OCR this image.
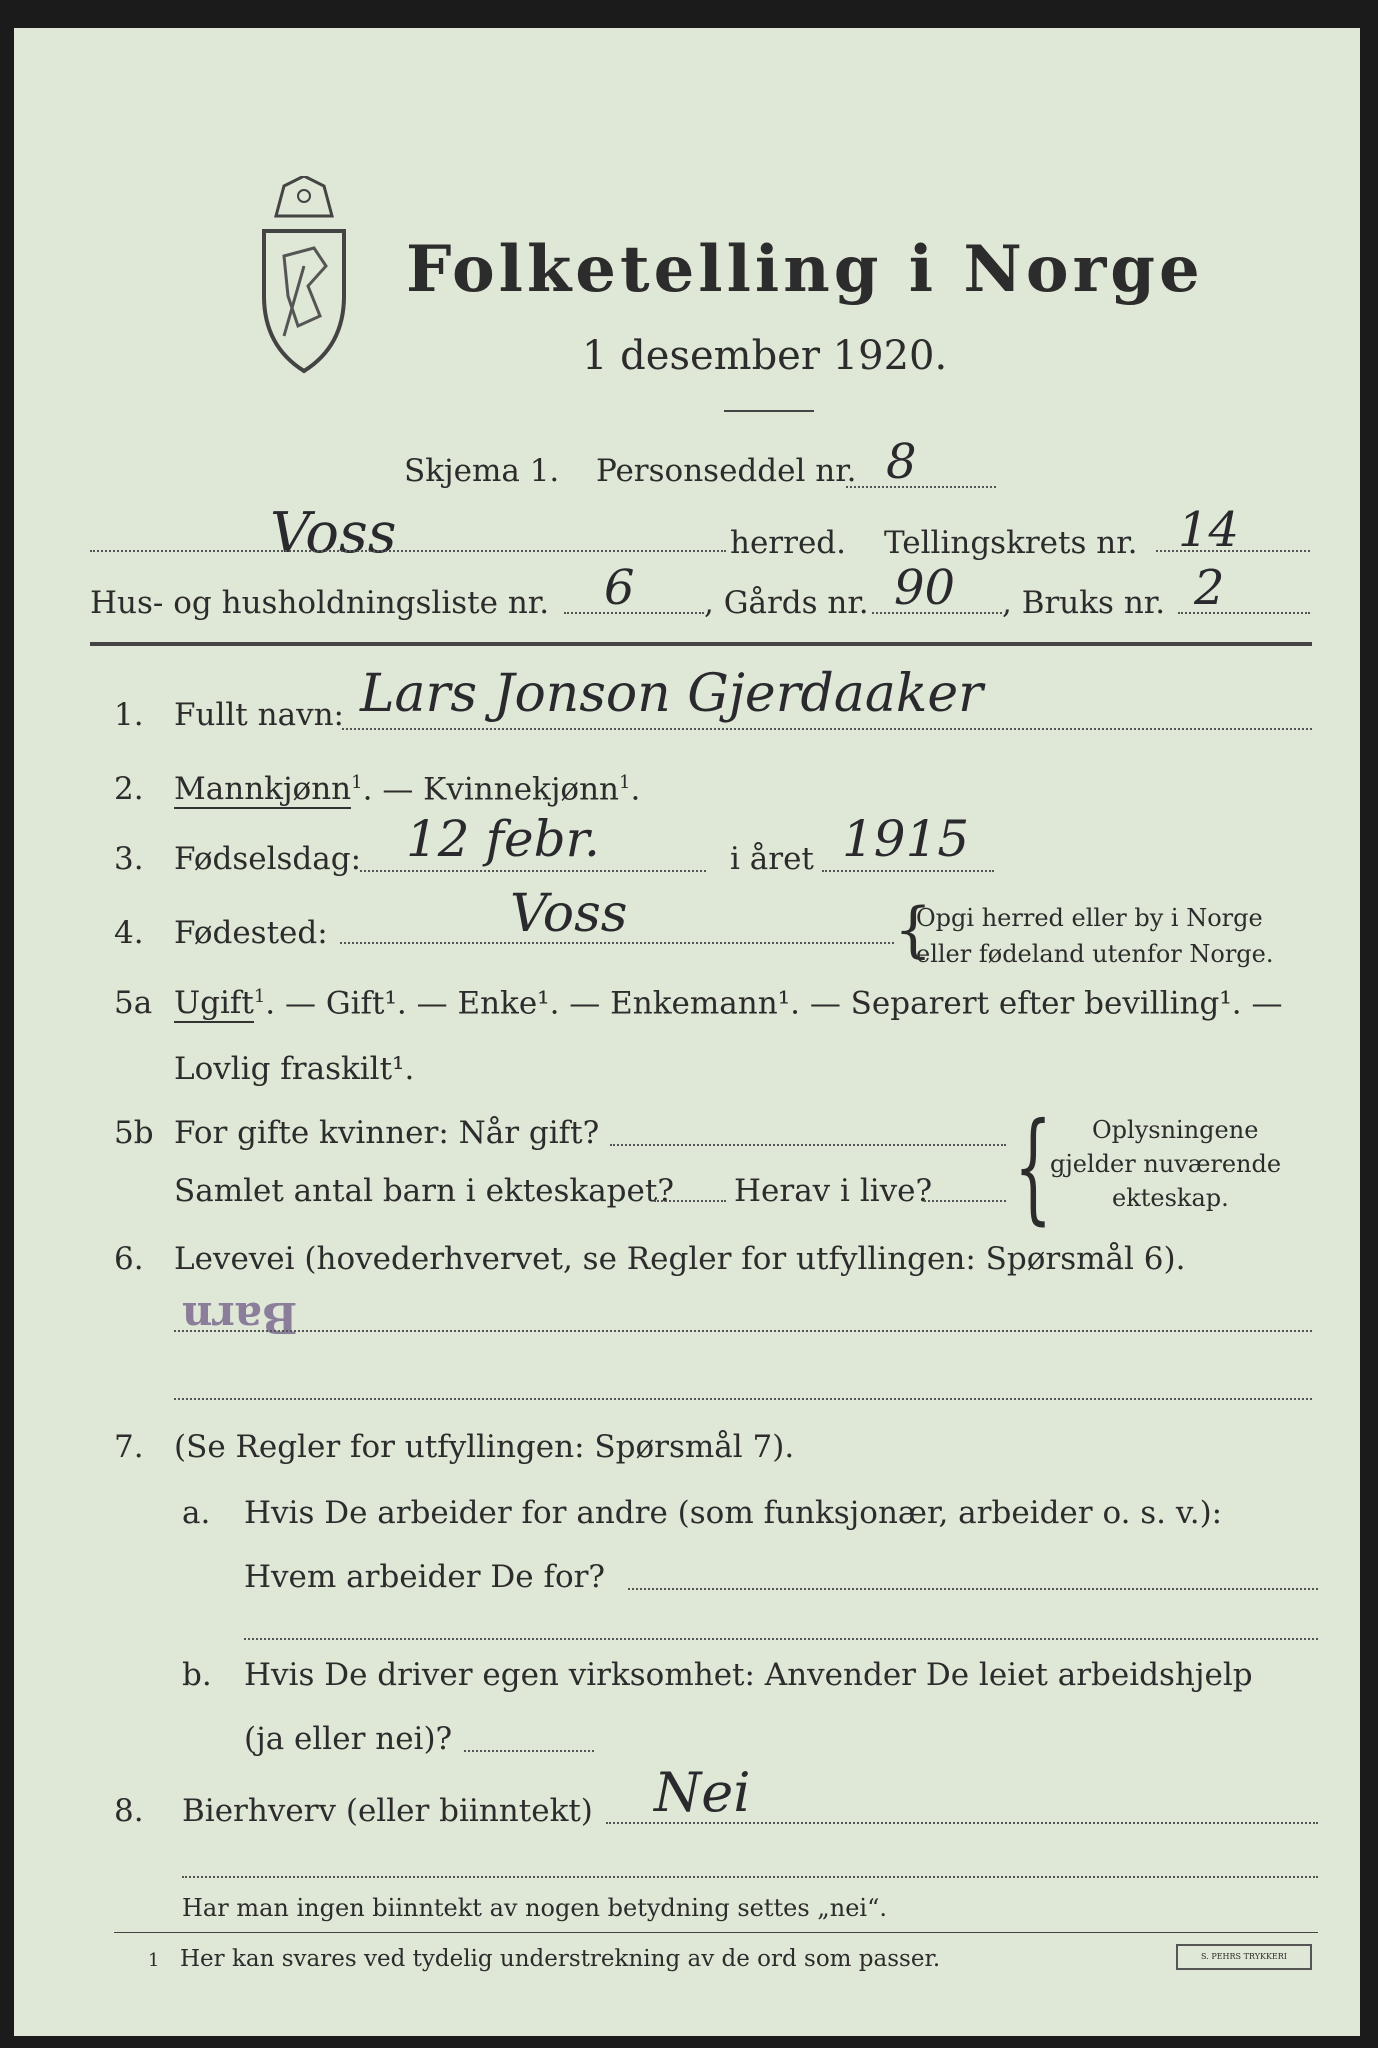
Folketelling i Norge
1 desember 1920.
Skjema 1. Personseddel nr. 8
Voss	herred. Tellingskrets nr. 14
Hus- og husholdningsliste nr. 6 , Gårds nr. 90 , Bruks nr. 2
1. Fullt navn: Lars Jonson Gjerdaaker
2. Mannkjønn$^1$. — Kvinnekjønn$^1$.
3. Fødselsdag: 12 febr.	i året 1915
4. Fødested:	Voss	{
Opgi herred eller by i Norge
eller fødeland utenfor Norge.
5a Ugift$^1$. — Gift¹. — Enke¹. — Enkemann¹. — Separert efter bevilling¹. —
Lovlig fraskilt¹.
5b For gifte kvinner: Når gift?
Samlet antal barn i ekteskapet? Herav i live? { Oplysningene
gjelder nuværende
ekteskap.
6. Levevei (hovederhvervet, se Regler for utfyllingen: Spørsmål 6).
Barn
7. (Se Regler for utfyllingen: Spørsmål 7).
a. Hvis De arbeider for andre (som funksjonær, arbeider o. s. v.):
Hvem arbeider De for?
b. Hvis De driver egen virksomhet: Anvender De leiet arbeidshjelp
(ja eller nei)?
8. Bierhverv (eller biinntekt) Nei
Har man ingen biinntekt av nogen betydning settes „nei“.
1 Her kan svares ved tydelig understrekning av de ord som passer.	S. PEHRS TRYKKERI
